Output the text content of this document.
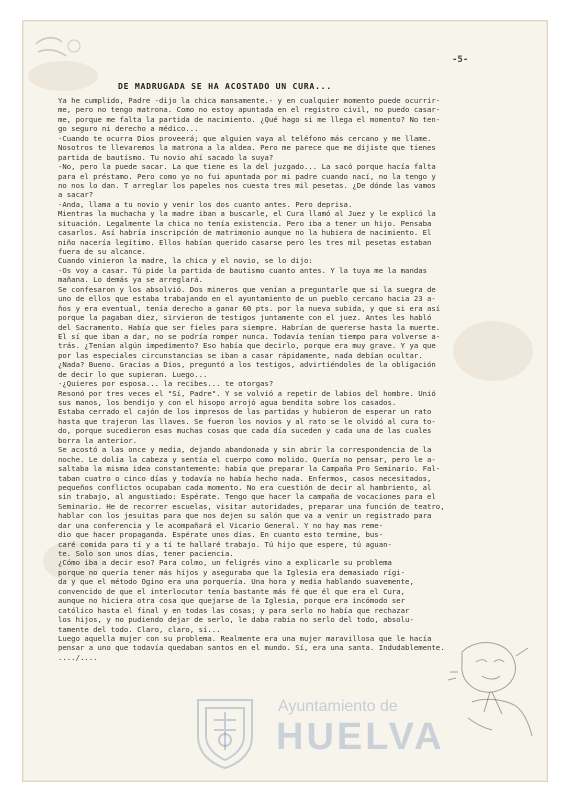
-5-
DE MADRUGADA SE HA ACOSTADO UN CURA...
Ya he cumplido, Padre -dijo la chica mansamente.- y en cualquier momento puede ocurrir-
me, pero no tengo matrona. Como no estoy apuntada en el registro civil, no puedo casar-
me, porque me falta la partida de nacimiento. ¿Qué hago si me llega el momento? No ten-
go seguro ni derecho a médico...
-Cuando te ocurra Dios proveerá; que alguien vaya al teléfono más cercano y me llame.
Nosotros te llevaremos la matrona a la aldea. Pero me parece que me dijiste que tienes
partida de bautismo. Tu novio ahí sacado la suya?
-No, pero la puede sacar. La que tiene es la del juzgado... La sacó porque hacía falta
para el préstamo. Pero como yo no fui apuntada por mi padre cuando nací, no la tengo y
no nos lo dan. T arreglar los papeles nos cuesta tres mil pesetas. ¿De dónde las vamos
a sacar?
-Anda, llama a tu novio y venir los dos cuanto antes. Pero deprisa.
Mientras la muchacha y la madre iban a buscarle, el Cura llamó al Juez y le explicó la
situación. Legalmente la chica no tenía existencia. Pero iba a tener un hijo. Pensaba
casarlos. Así habría inscripción de matrimonio aunque no la hubiera de nacimiento. El
niño nacería legítimo. Ellos habían querido casarse pero les tres mil pesetas estaban
fuera de su alcance.
Cuando vinieron la madre, la chica y el novio, se lo dijo:
-Os voy a casar. Tú pide la partida de bautismo cuanto antes. Y la tuya me la mandas
mañana. Lo demás ya se arreglará.
Se confesaron y los absolvió. Dos mineros que venían a preguntarle que si la suegra de
uno de ellos que estaba trabajando en el ayuntamiento de un pueblo cercano hacia 23 a-
ños y era eventual, tenía derecho a ganar 60 pts. por la nueva subida, y que si era así
porque la pagaban diez, sirvieron de testigos juntamente con el juez. Antes les habló
del Sacramento. Había que ser fieles para siempre. Habrían de quererse hasta la muerte.
El sí que iban a dar, no se podría romper nunca. Todavía tenían tiempo para volverse a-
trás. ¿Tenían algún impedimento? Eso había que decirlo, porque era muy grave. Y ya que
por las especiales circunstancias se iban a casar rápidamente, nada debían ocultar.
¿Nada? Bueno. Gracias a Dios, preguntó a los testigos, advirtiéndoles de la obligación
de decir lo que supieran. Luego...
-¿Quieres por esposa... la recibes... te otorgas?
Resonó por tres veces el "Sí, Padre". Y se volvió a repetir de labios del hombre. Unió
sus manos, los bendijo y con el hisopo arrojó agua bendita sobre los casados.
Estaba cerrado el cajón de los impresos de las partidas y hubieron de esperar un rato
hasta que trajeron las llaves. Se fueron los novios y al rato se le olvidó al cura to-
do, porque sucedieron esas muchas cosas que cada día suceden y cada una de las cuales
borra la anterior.
Se acostó a las once y media, dejando abandonada y sin abrir la correspondencia de la
noche. Le dolía la cabeza y sentía el cuerpo como molido. Quería no pensar, pero le a-
saltaba la misma idea constantemente: había que preparar la Campaña Pro Seminario. Fal-
taban cuatro o cinco días y todavía no había hecho nada. Enfermos, casos necesitados,
pequeños conflictos ocupaban cada momento. No era cuestión de decir al hambriento, al
sin trabajo, al angustiado: Espérate. Tengo que hacer la campaña de vocaciones para el
Seminario. He de recorrer escuelas, visitar autoridades, preparar una función de teatro,
hablar con los jesuitas para que nos dejen su salón que va a venir un registrado para
dar una conferencia y le acompañará el Vicario General. Y no hay mas reme-
dio que hacer propaganda. Espérate unos días. En cuanto esto termine, bus-
caré comida para tí y a tí te hallaré trabajo. Tú hijo que espere, tú aguan-
te. Solo son unos días, tener paciencia.
¿Cómo iba a decir eso? Para colmo, un feligrés vino a explicarle su problema
porque no quería tener más hijos y aseguraba que la Iglesia era demasiado rígi-
da y que el método Ogino era una porquería. Una hora y media hablando suavemente,
convencido de que el interlocutor tenía bastante más fé que él que era el Cura,
aunque no hiciera otra cosa que quejarse de la Iglesia, porque era incómodo ser
católico hasta el final y en todas las cosas; y para serlo no había que rechazar
los hijos, y no pudiendo dejar de serlo, le daba rabia no serlo del todo, absolu-
tamente del todo. Claro, claro, sí...
Luego aquella mujer con su problema. Realmente era una mujer maravillosa que le hacía
pensar a uno que todavía quedaban santos en el mundo. Sí, era una santa. Indudablemente.
..../....
Ayuntamiento de
HUELVA
